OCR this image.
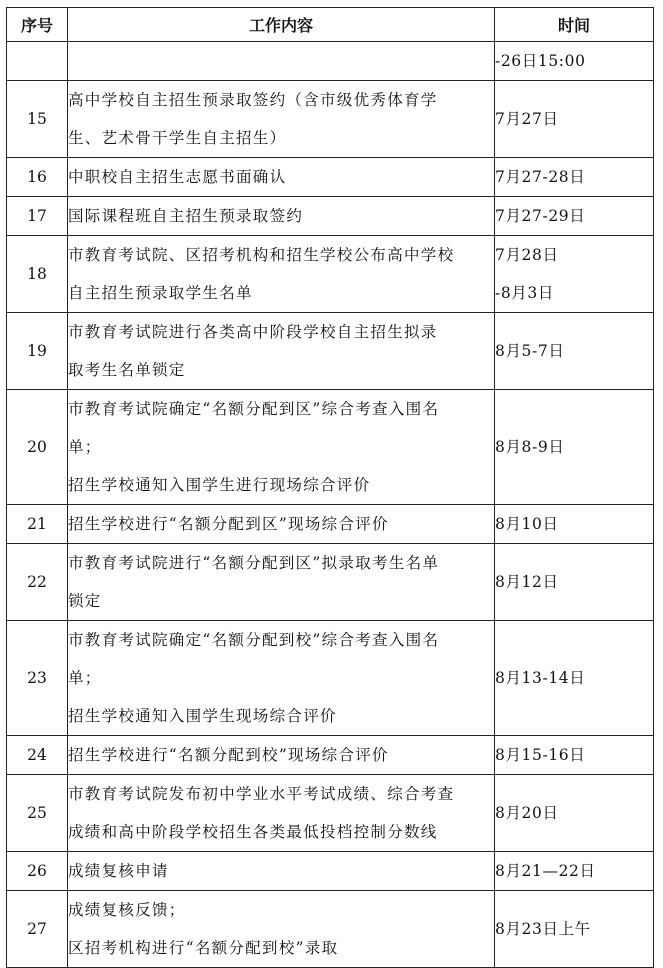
序号	工作内容	时间

		-26日15:00

15	高中学校自主招生预录取签约（含市级优秀体育学
生、艺术骨干学生自主招生）	7月27日

16	中职校自主招生志愿书面确认	7月27-28日

17	国际课程班自主招生预录取签约	7月27-29日

18	市教育考试院、区招考机构和招生学校公布高中学校
自主招生预录取学生名单	7月28日
-8月3日

19	市教育考试院进行各类高中阶段学校自主招生拟录
取考生名单锁定	8月5-7日

20	市教育考试院确定“名额分配到区”综合考查入围名
单；
招生学校通知入围学生进行现场综合评价	8月8-9日

21	招生学校进行“名额分配到区”现场综合评价	8月10日

22	市教育考试院进行“名额分配到区”拟录取考生名单
锁定	8月12日

23	市教育考试院确定“名额分配到校”综合考查入围名
单；
招生学校通知入围学生现场综合评价	8月13-14日

24	招生学校进行“名额分配到校”现场综合评价	8月15-16日

25	市教育考试院发布初中学业水平考试成绩、综合考查
成绩和高中阶段学校招生各类最低投档控制分数线	8月20日

26	成绩复核申请	8月21—22日

27	成绩复核反馈；
区招考机构进行“名额分配到校”录取	8月23日上午
